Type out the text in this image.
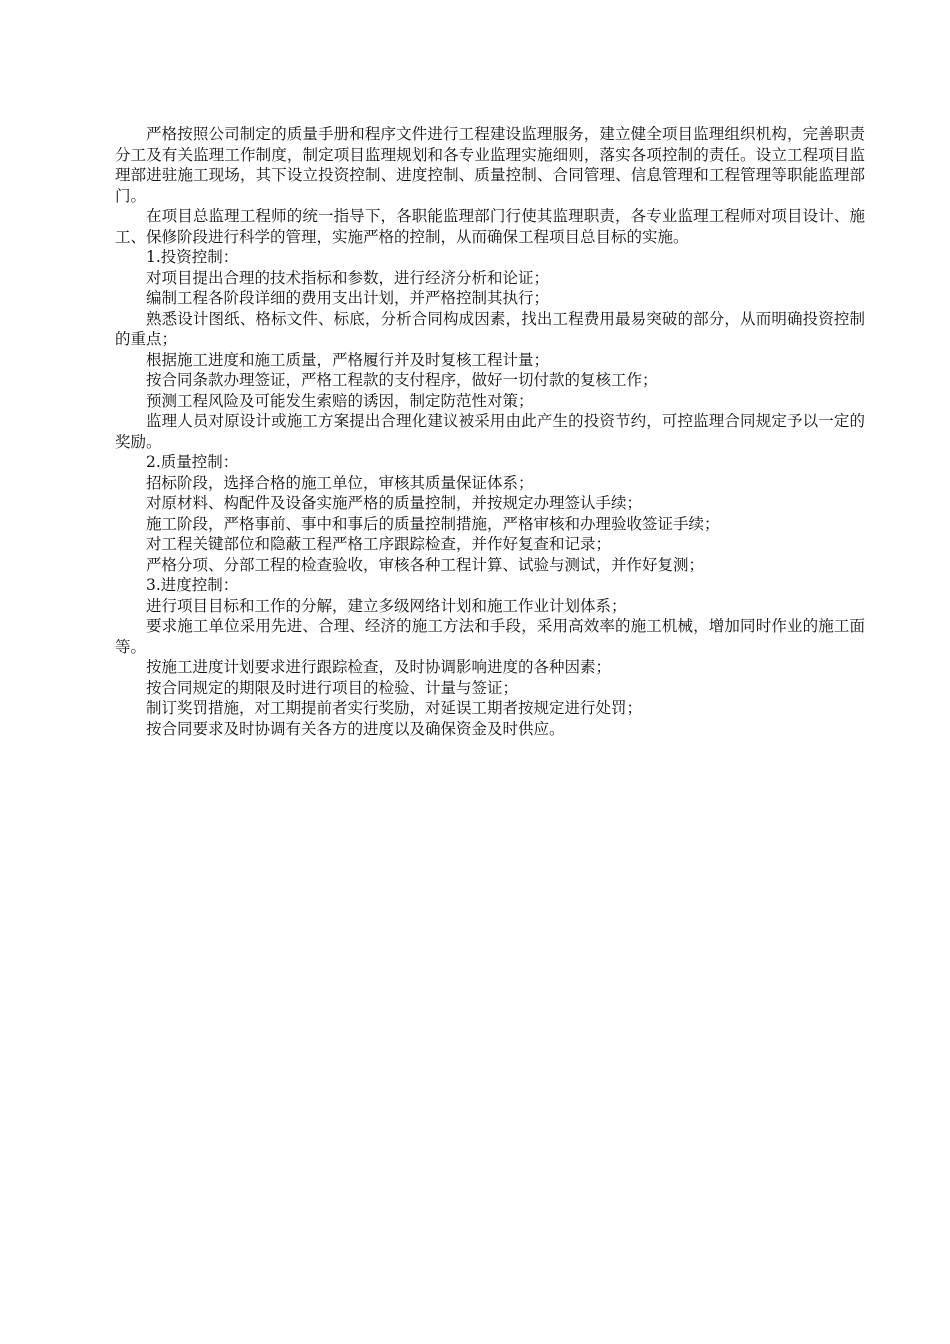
严格按照公司制定的质量手册和程序文件进行工程建设监理服务，建立健全项目监理组织机构，完善职责分工及有关监理工作制度，制定项目监理规划和各专业监理实施细则，落实各项控制的责任。设立工程项目监理部进驻施工现场，其下设立投资控制、进度控制、质量控制、合同管理、信息管理和工程管理等职能监理部门。

在项目总监理工程师的统一指导下，各职能监理部门行使其监理职责，各专业监理工程师对项目设计、施工、保修阶段进行科学的管理，实施严格的控制，从而确保工程项目总目标的实施。

1.投资控制：

对项目提出合理的技术指标和参数，进行经济分析和论证；

编制工程各阶段详细的费用支出计划，并严格控制其执行；

熟悉设计图纸、格标文件、标底，分析合同构成因素，找出工程费用最易突破的部分，从而明确投资控制的重点；

根据施工进度和施工质量，严格履行并及时复核工程计量；

按合同条款办理签证，严格工程款的支付程序，做好一切付款的复核工作；

预测工程风险及可能发生索赔的诱因，制定防范性对策；

监理人员对原设计或施工方案提出合理化建议被采用由此产生的投资节约，可控监理合同规定予以一定的奖励。

2.质量控制：

招标阶段，选择合格的施工单位，审核其质量保证体系；

对原材料、构配件及设备实施严格的质量控制，并按规定办理签认手续；

施工阶段，严格事前、事中和事后的质量控制措施，严格审核和办理验收签证手续；

对工程关键部位和隐蔽工程严格工序跟踪检查，并作好复查和记录；

严格分项、分部工程的检查验收，审核各种工程计算、试验与测试，并作好复测；

3.进度控制：

进行项目目标和工作的分解，建立多级网络计划和施工作业计划体系；

要求施工单位采用先进、合理、经济的施工方法和手段，采用高效率的施工机械，增加同时作业的施工面等。

按施工进度计划要求进行跟踪检查，及时协调影响进度的各种因素；

按合同规定的期限及时进行项目的检验、计量与签证；

制订奖罚措施，对工期提前者实行奖励，对延误工期者按规定进行处罚；

按合同要求及时协调有关各方的进度以及确保资金及时供应。
